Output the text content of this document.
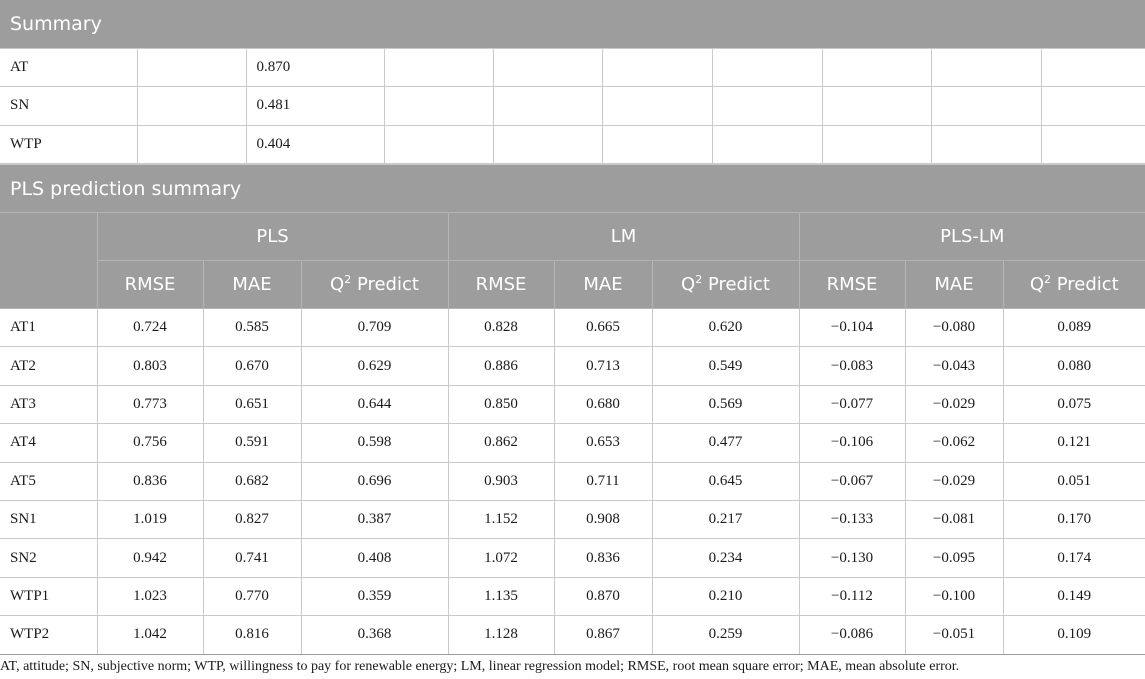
Summary									
AT		0.870							
SN		0.481							
WTP		0.404							
PLS prediction summary									
	PLS			LM			PLS-LM		
	RMSE	MAE	$Q^2$ Predict	RMSE	MAE	$Q^2$ Predict	RMSE	MAE	$Q^2$ Predict
AT1	0.724	0.585	0.709	0.828	0.665	0.620	−0.104	−0.080	0.089
AT2	0.803	0.670	0.629	0.886	0.713	0.549	−0.083	−0.043	0.080
AT3	0.773	0.651	0.644	0.850	0.680	0.569	−0.077	−0.029	0.075
AT4	0.756	0.591	0.598	0.862	0.653	0.477	−0.106	−0.062	0.121
AT5	0.836	0.682	0.696	0.903	0.711	0.645	−0.067	−0.029	0.051
SN1	1.019	0.827	0.387	1.152	0.908	0.217	−0.133	−0.081	0.170
SN2	0.942	0.741	0.408	1.072	0.836	0.234	−0.130	−0.095	0.174
WTP1	1.023	0.770	0.359	1.135	0.870	0.210	−0.112	−0.100	0.149
WTP2	1.042	0.816	0.368	1.128	0.867	0.259	−0.086	−0.051	0.109
AT, attitude; SN, subjective norm; WTP, willingness to pay for renewable energy; LM, linear regression model; RMSE, root mean square error; MAE, mean absolute error.
